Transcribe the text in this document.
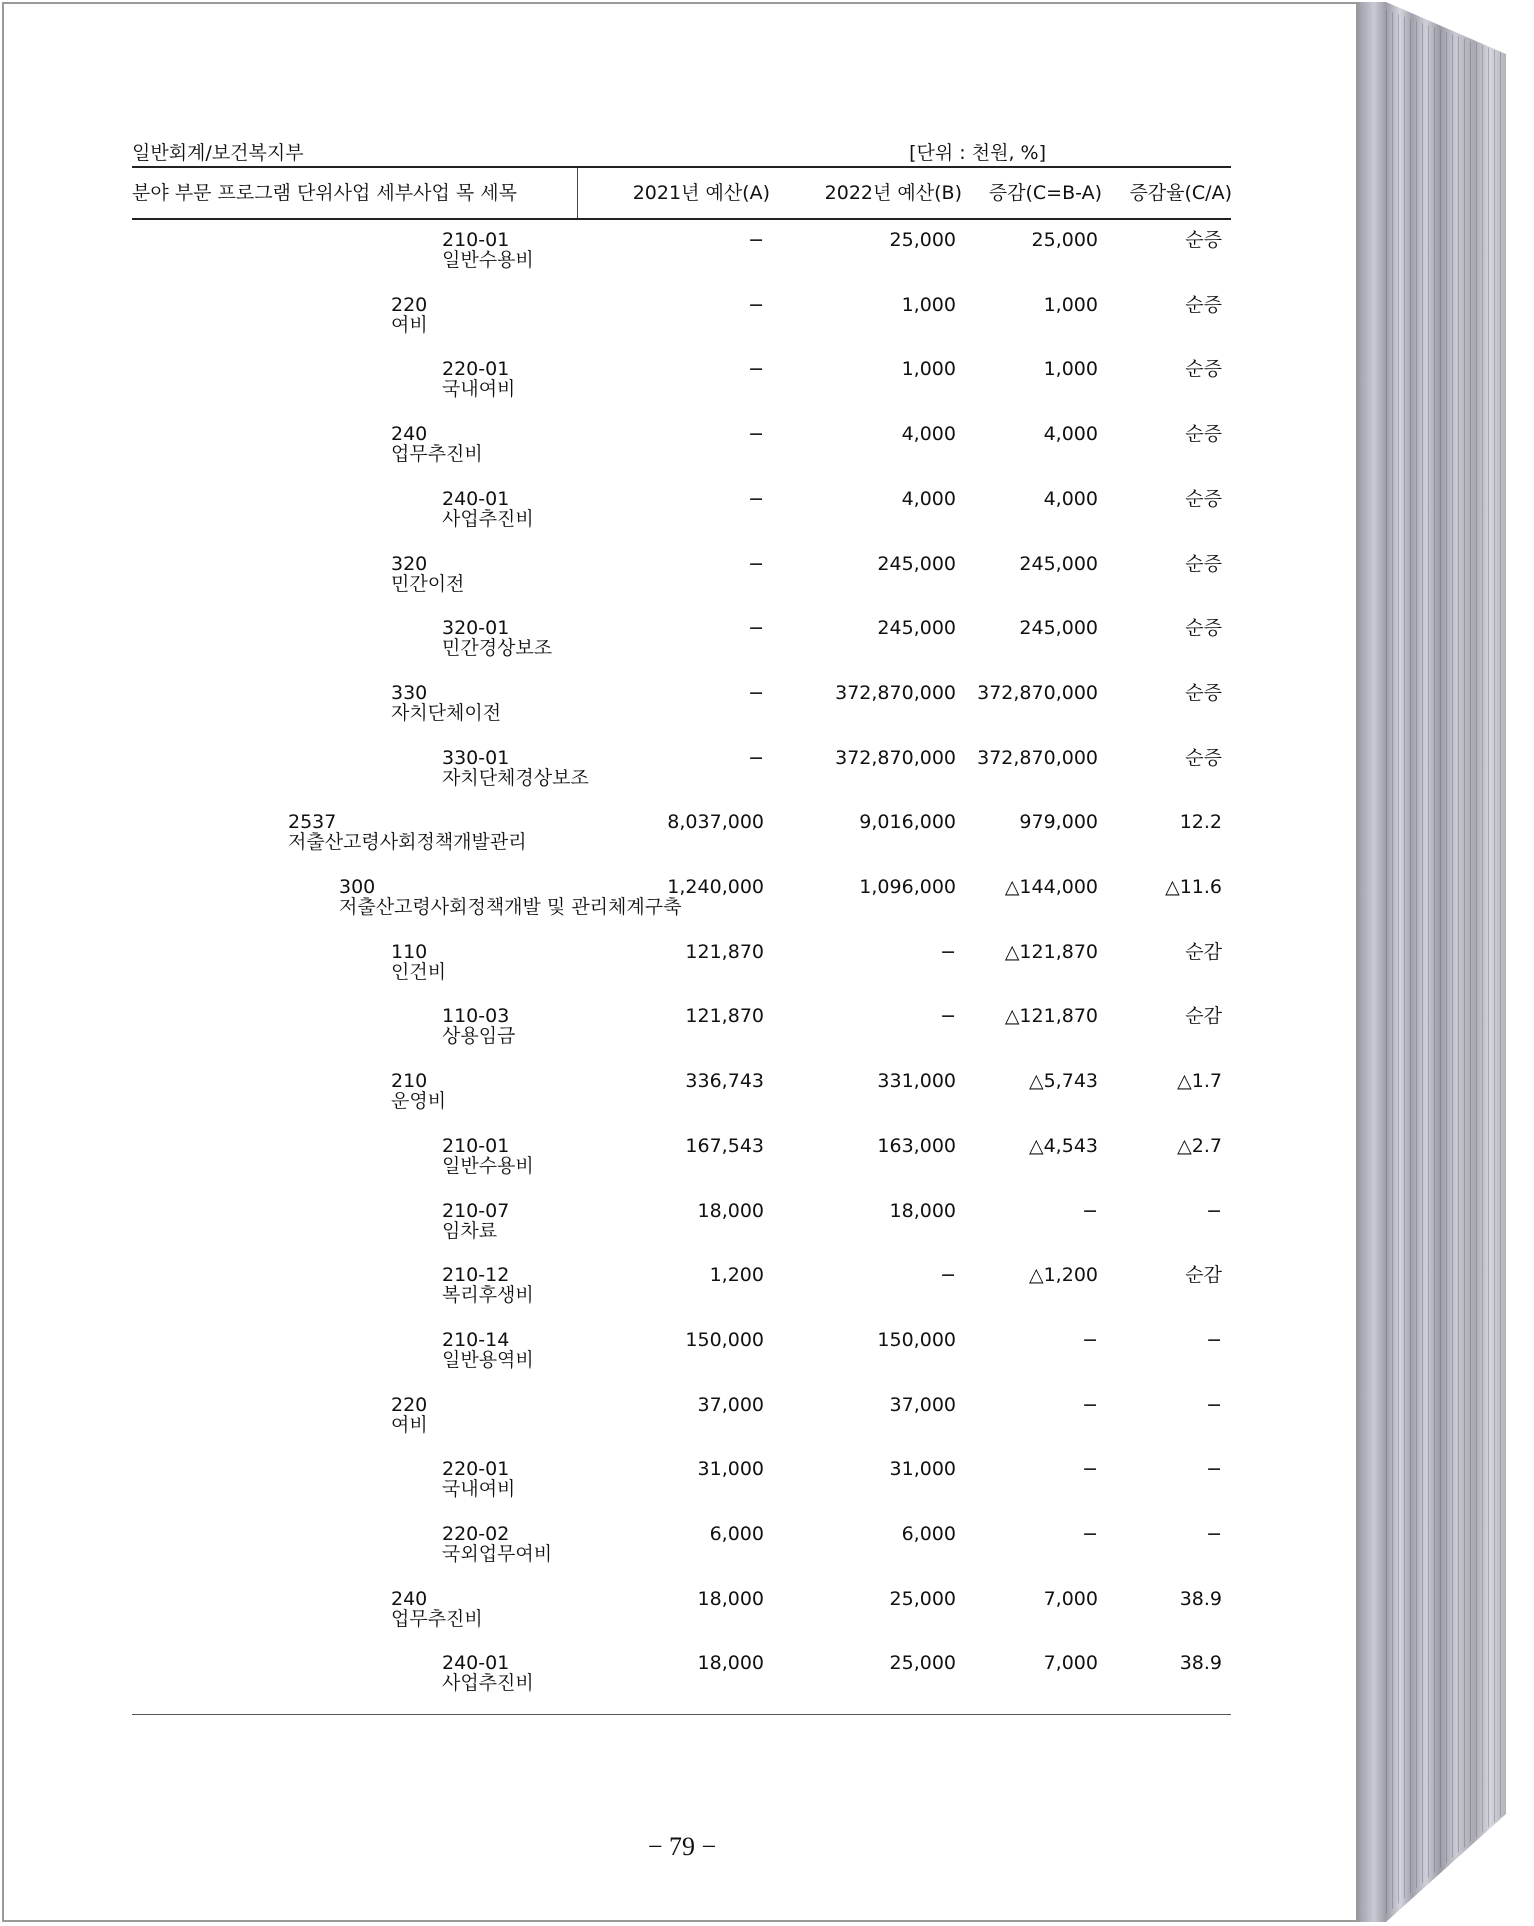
일반회계/보건복지부	[단위 : 천원, %]
분야 부문 프로그램 단위사업 세부사업 목 세목	2021년 예산(A)	2022년 예산(B) 증감(C=B-A) 증감율(C/A)
210-01
일반수용비
−	25,000	25,000	순증
220
여비
−	1,000	1,000	순증
220-01
국내여비
−	1,000	1,000	순증
240
업무추진비
−	4,000	4,000	순증
240-01
사업추진비
−	4,000	4,000	순증
320
민간이전
−	245,000	245,000	순증
320-01
민간경상보조
−	245,000	245,000	순증
330
자치단체이전
−	372,870,000 372,870,000	순증
330-01
자치단체경상보조
−	372,870,000 372,870,000	순증
2537
저출산고령사회정책개발관리
8,037,000	9,016,000	979,000	12.2
300
저출산고령사회정책개발 및 관리체계구축
1,240,000	1,096,000	△144,000	△11.6
110
인건비
121,870	−	△121,870	순감
110-03
상용임금
121,870	−	△121,870	순감
210
운영비
336,743	331,000	△5,743	△1.7
210-01
일반수용비
167,543	163,000	△4,543	△2.7
210-07
임차료
18,000	18,000	−	−
210-12
복리후생비
1,200	−	△1,200	순감
210-14
일반용역비
150,000	150,000	−	−
220
여비
37,000	37,000	−	−
220-01
국내여비
31,000	31,000	−	−
220-02
국외업무여비
6,000	6,000	−	−
240
업무추진비
18,000	25,000	7,000	38.9
240-01
사업추진비
18,000	25,000	7,000	38.9
− 79 −
